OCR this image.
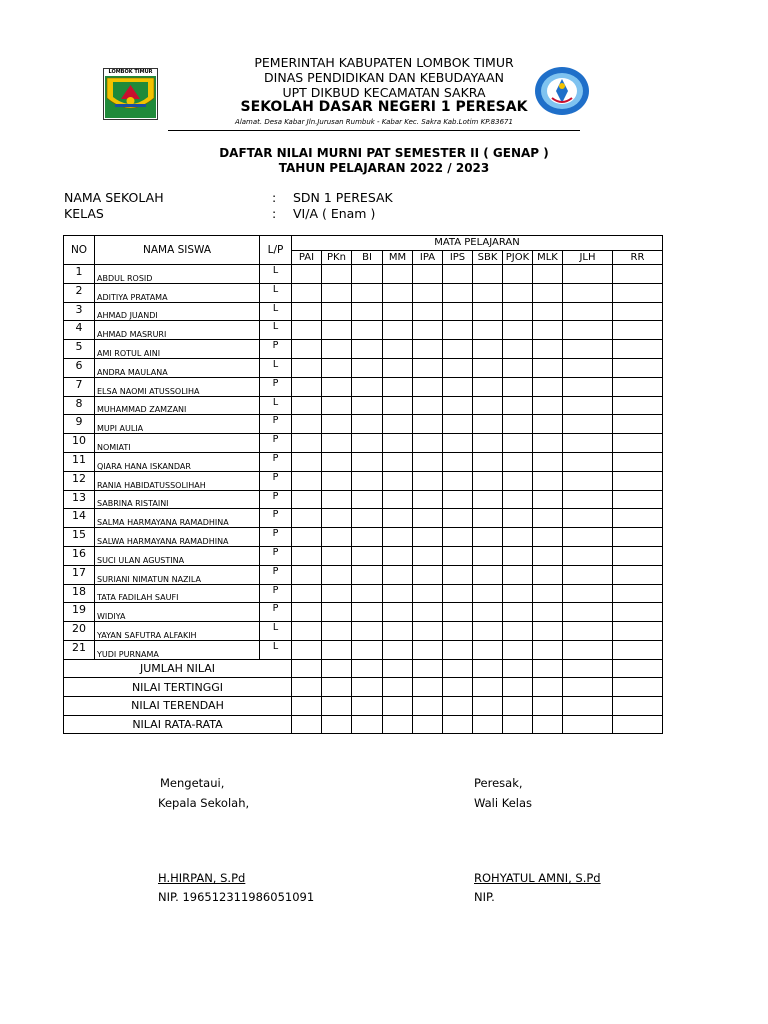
LOMBOK TIMUR
PEMERINTAH KABUPATEN LOMBOK TIMUR
DINAS PENDIDIKAN DAN KEBUDAYAAN
UPT DIKBUD KECAMATAN SAKRA
SEKOLAH DASAR NEGERI 1 PERESAK
Alamat. Desa Kabar Jln.Jurusan Rumbuk - Kabar Kec. Sakra Kab.Lotim KP.83671
DAFTAR NILAI MURNI PAT SEMESTER II ( GENAP )
TAHUN PELAJARAN 2022 / 2023
NAMA SEKOLAH	: SDN 1 PERESAK
KELAS	: VI/A ( Enam )
NO	NAMA SISWA	L/P	MATA PELAJARAN										
			PAI	PKn	BI	MM	IPA	IPS	SBK	PJOK	MLK	JLH	RR
1	ABDUL ROSID	L											
2	ADITIYA PRATAMA	L											
3	AHMAD JUANDI	L											
4	AHMAD MASRURI	L											
5	AMI ROTUL AINI	P											
6	ANDRA MAULANA	L											
7	ELSA NAOMI ATUSSOLIHA	P											
8	MUHAMMAD ZAMZANI	L											
9	MUPI AULIA	P											
10	NOMIATI	P											
11	QIARA HANA ISKANDAR	P											
12	RANIA HABIDATUSSOLIHAH	P											
13	SABRINA RISTAINI	P											
14	SALMA HARMAYANA RAMADHINA	P											
15	SALWA HARMAYANA RAMADHINA	P											
16	SUCI ULAN AGUSTINA	P											
17	SURIANI NIMATUN NAZILA	P											
18	TATA FADILAH SAUFI	P											
19	WIDIYA	P											
20	YAYAN SAFUTRA ALFAKIH	L											
21	YUDI PURNAMA	L											
JUMLAH NILAI													
NILAI TERTINGGI													
NILAI TERENDAH													
NILAI RATA-RATA													
Mengetaui,
Kepala Sekolah,
H.HIRPAN, S.Pd
NIP. 196512311986051091
Peresak,
Wali Kelas
ROHYATUL AMNI, S.Pd
NIP.
